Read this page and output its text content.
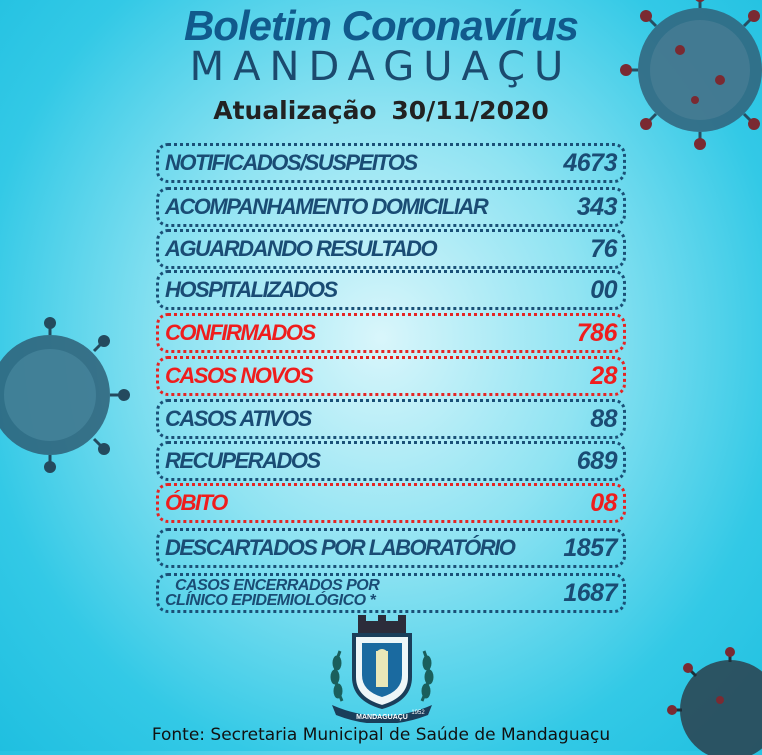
Boletim Coronavírus
MANDAGUAÇU
Atualização 30/11/2020
NOTIFICADOS/SUSPEITOS	4673
ACOMPANHAMENTO DOMICILIAR	343
AGUARDANDO RESULTADO	76
HOSPITALIZADOS	00
CONFIRMADOS	786
CASOS NOVOS	28
CASOS ATIVOS	88
RECUPERADOS	689
ÓBITO	08
DESCARTADOS POR LABORATÓRIO 1857
CASOS ENCERRADOS POR
CLÍNICO EPIDEMIOLÓGICO *	1687
MANDAGUAÇU
1952
Fonte: Secretaria Municipal de Saúde de Mandaguaçu
